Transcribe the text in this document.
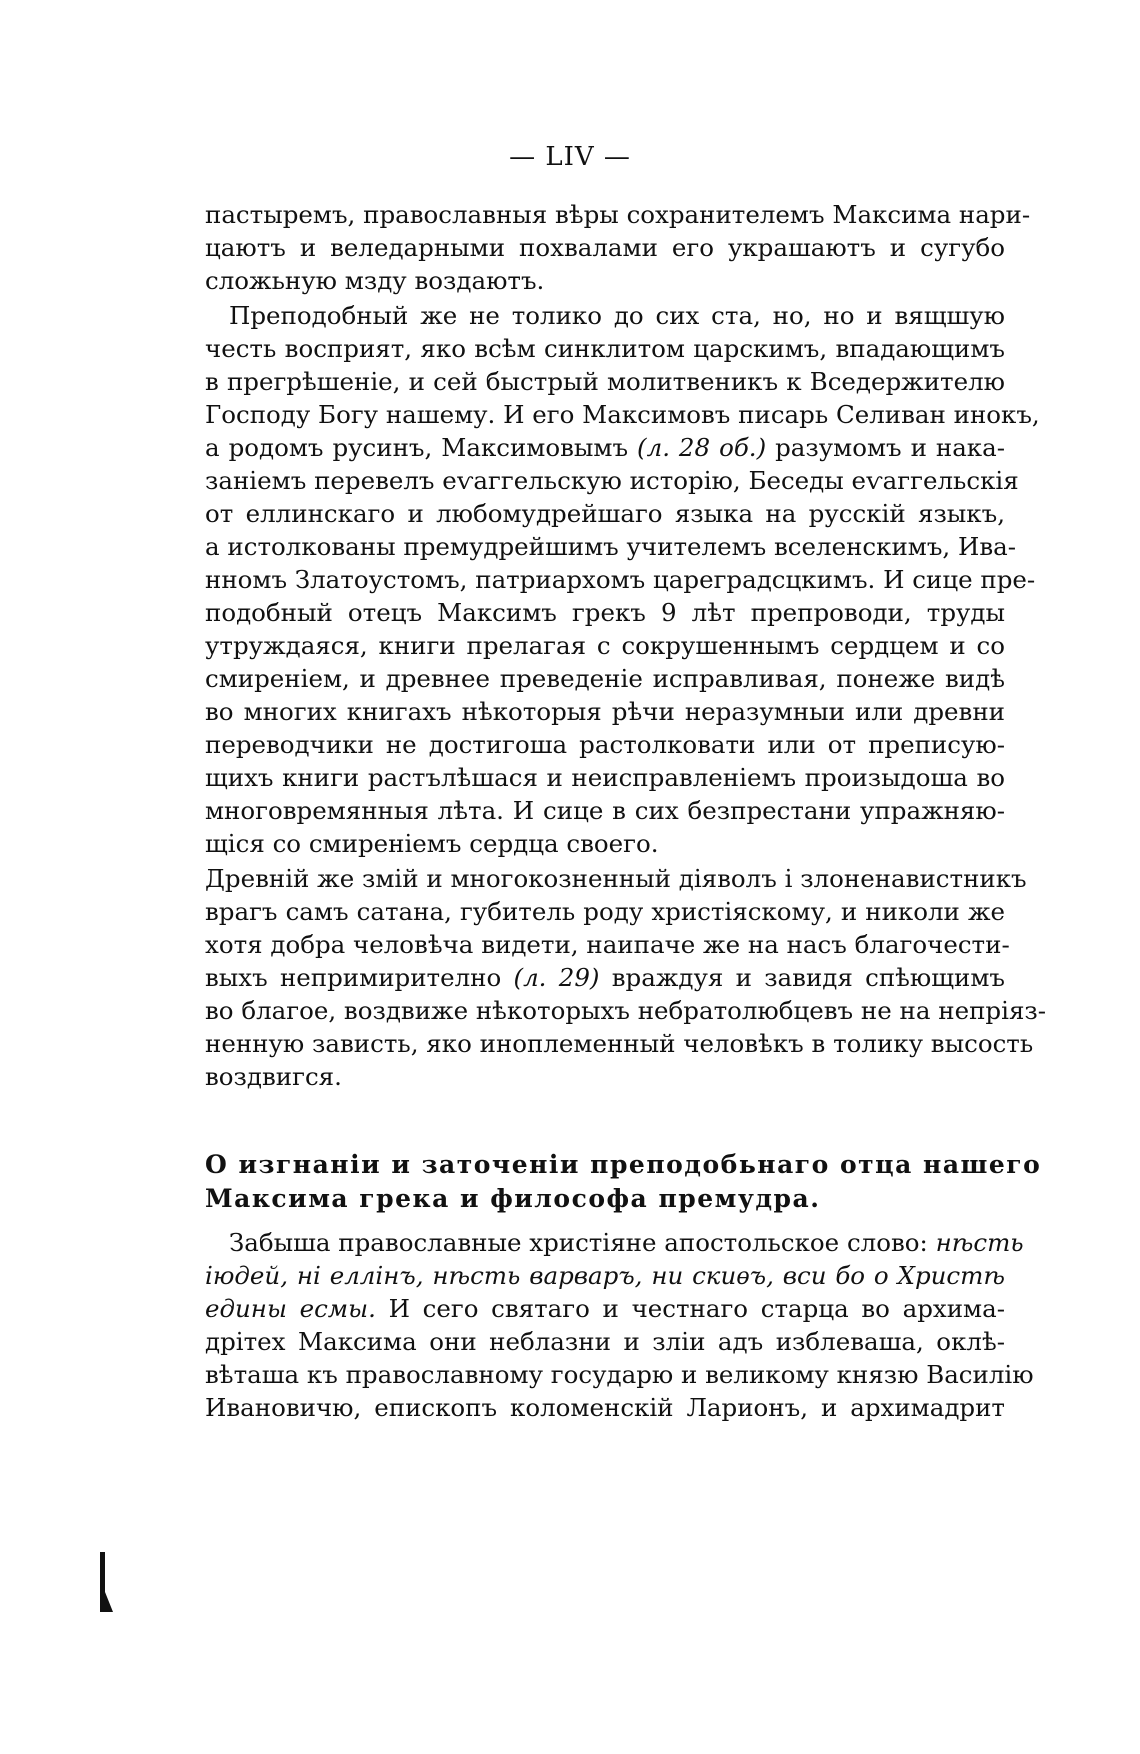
— LIV —

пастыремъ, православныя вѣры сохранителемъ Максима нари-
цаютъ и веледарными похвалами его украшаютъ и сугубо
сложьную мзду воздаютъ.

Преподобный же не толико до сих ста, но, но и вящшую
честь восприят, яко всѣм синклитом царскимъ, впадающимъ
в прегрѣшеніе, и сей быстрый молитвеникъ к Вседержителю
Господу Богу нашему. И его Максимовъ писарь Селиван инокъ,
а родомъ русинъ, Максимовымъ (л. 28 об.) разумомъ и нака-
заніемъ перевелъ еѵаггельскую исторію, Беседы еѵаггельскія
от еллинскаго и любомудрейшаго языка на русскій языкъ,
а истолкованы премудрейшимъ учителемъ вселенскимъ, Ива-
нномъ Златоустомъ, патриархомъ цареградсцкимъ. И сице пре-
подобный отецъ Максимъ грекъ 9 лѣт препроводи, труды
утруждаяся, книги прелагая с сокрушеннымъ сердцем и со
смиреніем, и древнее преведеніе исправливая, понеже видѣ
во многих книгахъ нѣкоторыя рѣчи неразумныи или древни
переводчики не достигоша растолковати или от преписую-
щихъ книги растълѣшася и неисправленіемъ произыдоша во
многовремянныя лѣта. И сице в сих безпрестани упражняю-
щіся со смиреніемъ сердца своего.

Древній же змій и многокозненный діяволъ і злоненавистникъ
врагъ самъ сатана, губитель роду христіяскому, и николи же
хотя добра человѣча видети, наипаче же на насъ благочести-
выхъ непримирително (л. 29) враждуя и завидя спѣющимъ
во благое, воздвиже нѣкоторыхъ небратолюбцевъ не на непріяз-
ненную зависть, яко иноплеменный человѣкъ в толику высость
воздвигся.

О изгнаніи и заточеніи преподобьнаго отца нашего
Максима грека и философа премудра.
Забыша православные христіяне апостольское слово: нѣсть
іюдей, ні еллінъ, нѣсть варваръ, ни скиѳъ, вси бо о Христѣ
едины есмы. И сего святаго и честнаго старца во архима-
дрітех Максима они неблазни и зліи адъ изблеваша, оклѣ-
вѣташа къ православному государю и великому князю Василію
Ивановичю, епископъ коломенскій Ларионъ, и архимадрит
